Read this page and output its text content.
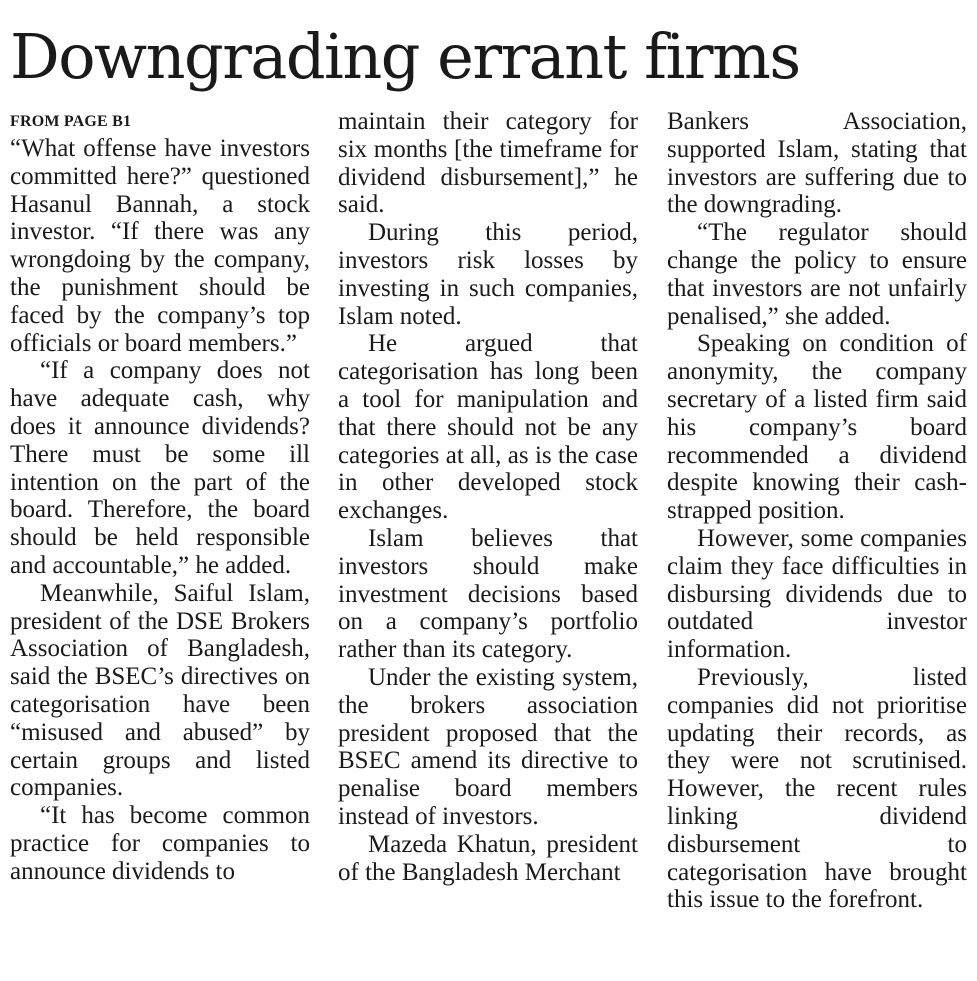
Downgrading errant firms
FROM PAGE B1

“What offense have investors committed here?” questioned Hasanul Bannah, a stock investor. “If there was any wrongdoing by the company, the punishment should be faced by the company’s top officials or board members.”

“If a company does not have adequate cash, why does it announce dividends? There must be some ill intention on the part of the board. Therefore, the board should be held responsible and accountable,” he added.

Meanwhile, Saiful Islam, president of the DSE Brokers Association of Bangladesh, said the BSEC’s directives on categorisation have been “misused and abused” by certain groups and listed companies.

“It has become common practice for companies to announce dividends to

maintain their category for six months [the timeframe for dividend disbursement],” he said.

During this period, investors risk losses by investing in such companies, Islam noted.

He argued that categorisation has long been a tool for manipulation and that there should not be any categories at all, as is the case in other developed stock exchanges.

Islam believes that investors should make investment decisions based on a company’s portfolio rather than its category.

Under the existing system, the brokers association president proposed that the BSEC amend its directive to penalise board members instead of investors.

Mazeda Khatun, president of the Bangladesh Merchant

Bankers Association, supported Islam, stating that investors are suffering due to the downgrading.

“The regulator should change the policy to ensure that investors are not unfairly penalised,” she added.

Speaking on condition of anonymity, the company secretary of a listed firm said his company’s board recommended a dividend despite knowing their cash-strapped position.

However, some companies claim they face difficulties in disbursing dividends due to outdated investor information.

Previously, listed companies did not prioritise updating their records, as they were not scrutinised. However, the recent rules linking dividend disbursement to categorisation have brought this issue to the forefront.
